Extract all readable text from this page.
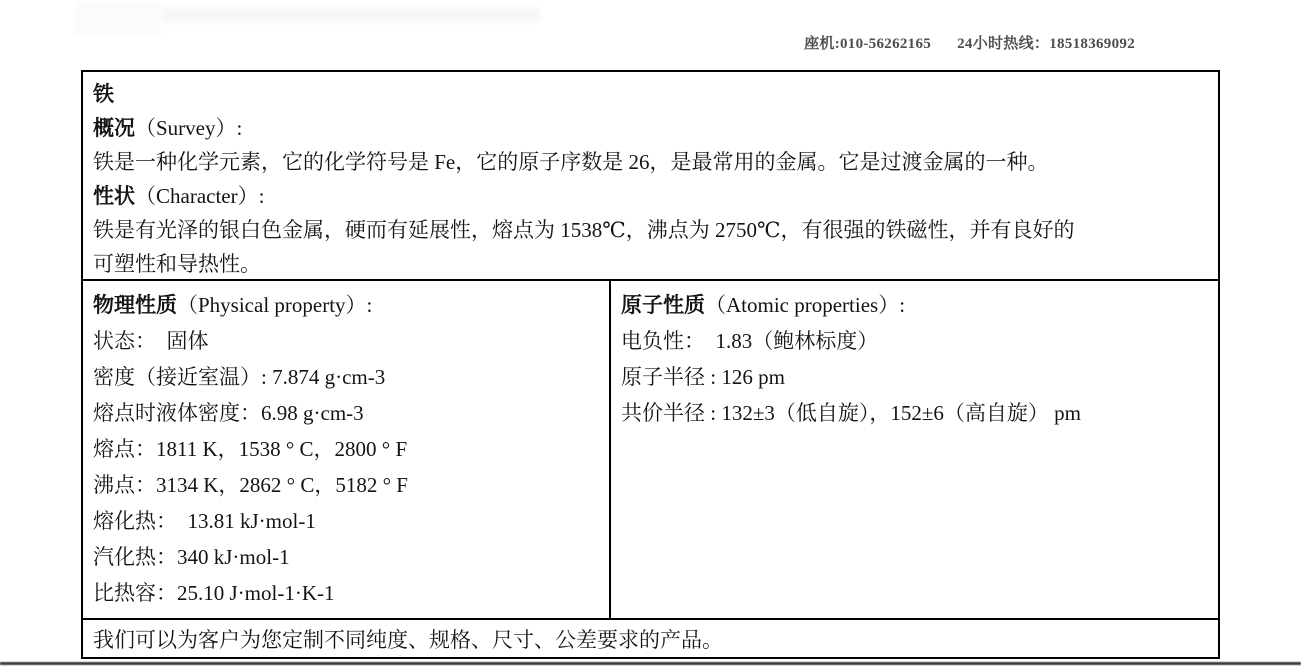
座机:010-56262165 24小时热线：18518369092
铁
概况（Survey）:
铁是一种化学元素，它的化学符号是 Fe，它的原子序数是 26，是最常用的金属。它是过渡金属的一种。
性状（Character）:
铁是有光泽的银白色金属，硬而有延展性，熔点为 1538℃，沸点为 2750℃，有很强的铁磁性，并有良好的
可塑性和导热性。
物理性质（Physical property）:
状态：  固体
密度（接近室温）: 7.874 g·cm-3
熔点时液体密度：6.98 g·cm-3
熔点：1811 K，1538 ° C，2800 ° F
沸点：3134 K，2862 ° C，5182 ° F
熔化热：  13.81 kJ·mol-1
汽化热：340 kJ·mol-1
比热容：25.10 J·mol-1·K-1
原子性质（Atomic properties）:
电负性：  1.83（鲍林标度）
原子半径 : 126 pm
共价半径 : 132±3（低自旋），152±6（高自旋） pm
我们可以为客户为您定制不同纯度、规格、尺寸、公差要求的产品。
